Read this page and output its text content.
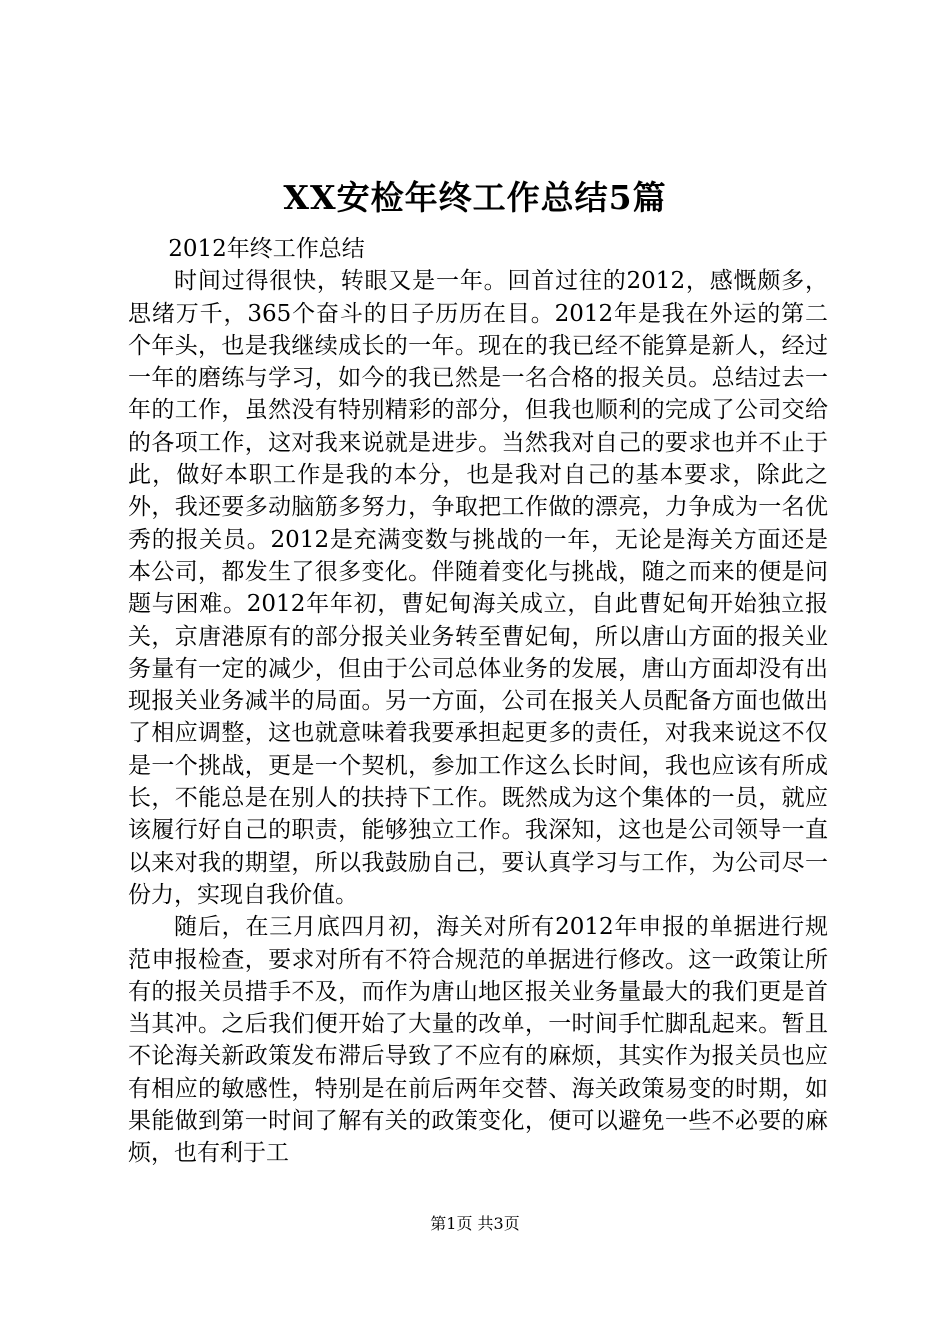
XX安检年终工作总结5篇

2012年终工作总结

时间过得很快，转眼又是一年。回首过往的2012，感慨颇多，思绪万千，365个奋斗的日子历历在目。2012年是我在外运的第二个年头，也是我继续成长的一年。现在的我已经不能算是新人，经过一年的磨练与学习，如今的我已然是一名合格的报关员。总结过去一年的工作，虽然没有特别精彩的部分，但我也顺利的完成了公司交给的各项工作，这对我来说就是进步。当然我对自己的要求也并不止于此，做好本职工作是我的本分，也是我对自己的基本要求，除此之外，我还要多动脑筋多努力，争取把工作做的漂亮，力争成为一名优秀的报关员。2012是充满变数与挑战的一年，无论是海关方面还是本公司，都发生了很多变化。伴随着变化与挑战，随之而来的便是问题与困难。2012年年初，曹妃甸海关成立，自此曹妃甸开始独立报关，京唐港原有的部分报关业务转至曹妃甸，所以唐山方面的报关业务量有一定的减少，但由于公司总体业务的发展，唐山方面却没有出现报关业务减半的局面。另一方面，公司在报关人员配备方面也做出了相应调整，这也就意味着我要承担起更多的责任，对我来说这不仅是一个挑战，更是一个契机，参加工作这么长时间，我也应该有所成长，不能总是在别人的扶持下工作。既然成为这个集体的一员，就应该履行好自己的职责，能够独立工作。我深知，这也是公司领导一直以来对我的期望，所以我鼓励自己，要认真学习与工作，为公司尽一份力，实现自我价值。

随后，在三月底四月初，海关对所有2012年申报的单据进行规范申报检查，要求对所有不符合规范的单据进行修改。这一政策让所有的报关员措手不及，而作为唐山地区报关业务量最大的我们更是首当其冲。之后我们便开始了大量的改单，一时间手忙脚乱起来。暂且不论海关新政策发布滞后导致了不应有的麻烦，其实作为报关员也应有相应的敏感性，特别是在前后两年交替、海关政策易变的时期，如果能做到第一时间了解有关的政策变化，便可以避免一些不必要的麻烦，也有利于工

第1页 共3页
